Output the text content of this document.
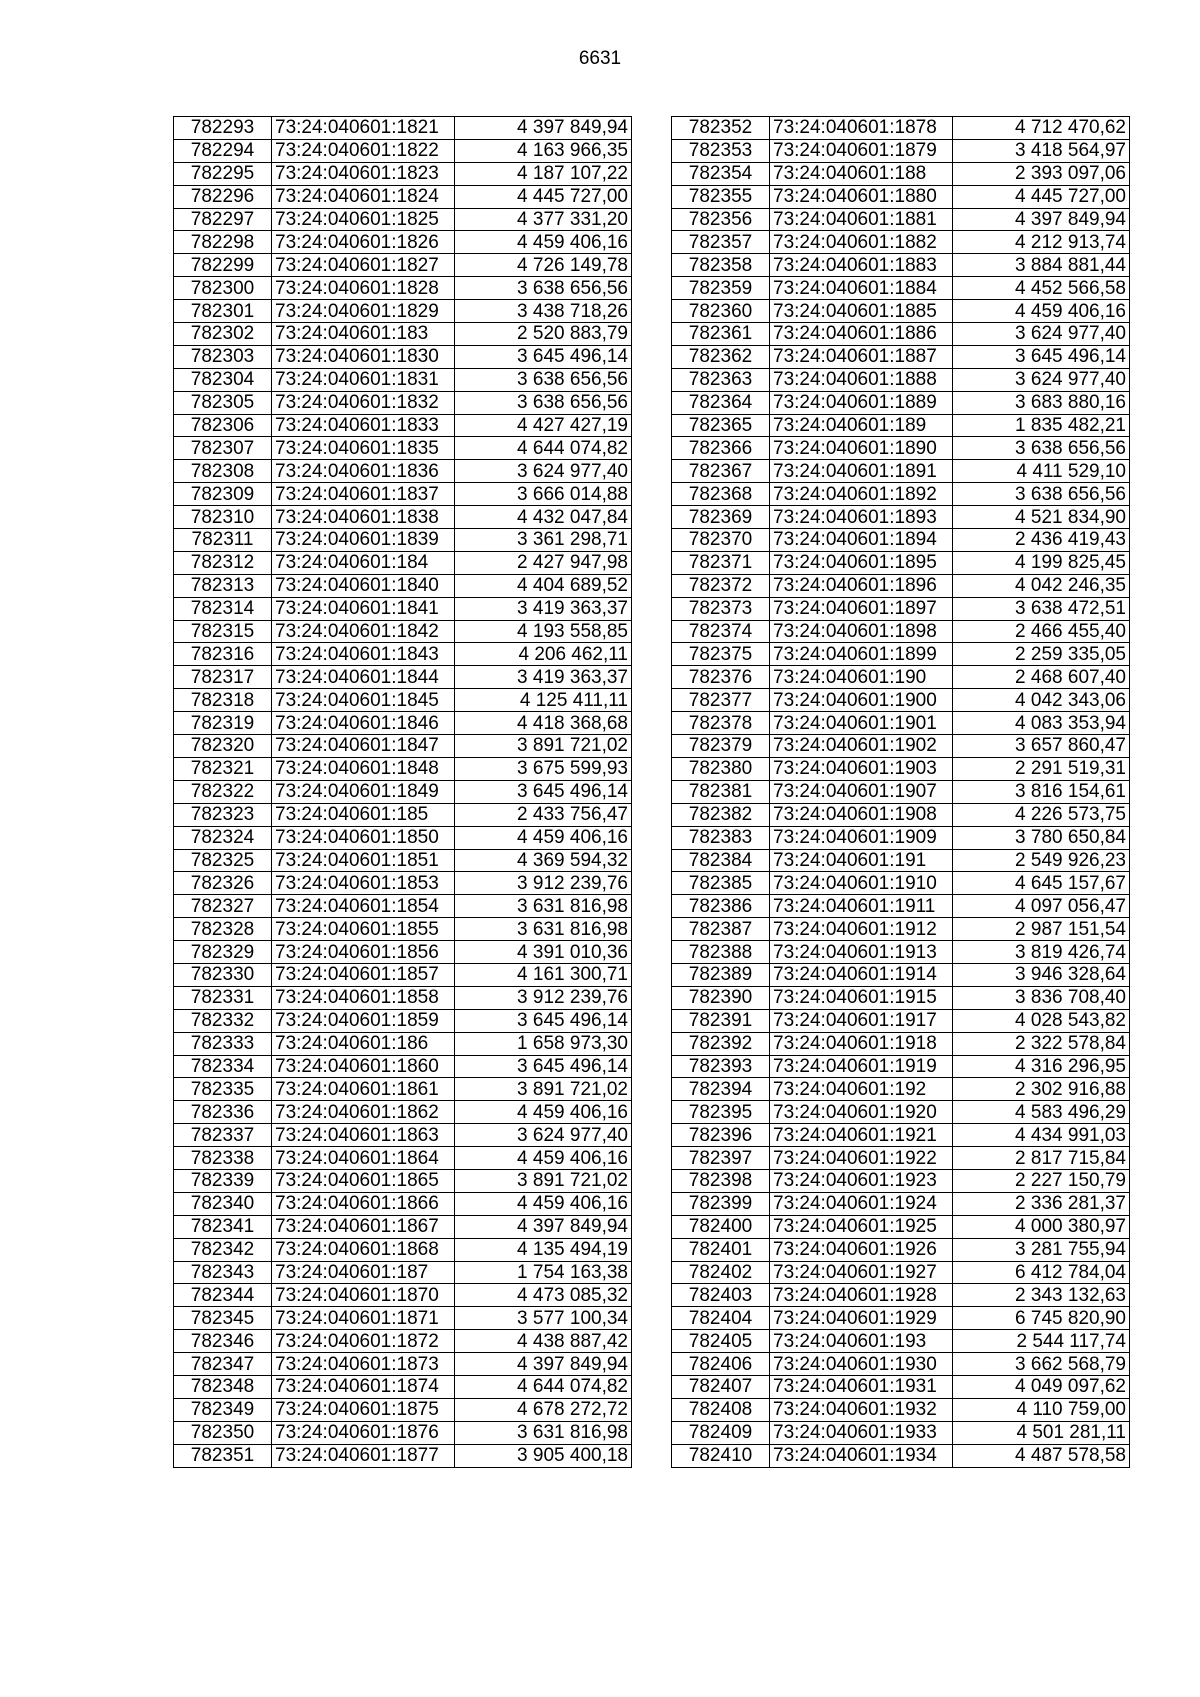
6631
782293	73:24:040601:1821	4 397 849,94
782294	73:24:040601:1822	4 163 966,35
782295	73:24:040601:1823	4 187 107,22
782296	73:24:040601:1824	4 445 727,00
782297	73:24:040601:1825	4 377 331,20
782298	73:24:040601:1826	4 459 406,16
782299	73:24:040601:1827	4 726 149,78
782300	73:24:040601:1828	3 638 656,56
782301	73:24:040601:1829	3 438 718,26
782302	73:24:040601:183	2 520 883,79
782303	73:24:040601:1830	3 645 496,14
782304	73:24:040601:1831	3 638 656,56
782305	73:24:040601:1832	3 638 656,56
782306	73:24:040601:1833	4 427 427,19
782307	73:24:040601:1835	4 644 074,82
782308	73:24:040601:1836	3 624 977,40
782309	73:24:040601:1837	3 666 014,88
782310	73:24:040601:1838	4 432 047,84
782311	73:24:040601:1839	3 361 298,71
782312	73:24:040601:184	2 427 947,98
782313	73:24:040601:1840	4 404 689,52
782314	73:24:040601:1841	3 419 363,37
782315	73:24:040601:1842	4 193 558,85
782316	73:24:040601:1843	4 206 462,11
782317	73:24:040601:1844	3 419 363,37
782318	73:24:040601:1845	4 125 411,11
782319	73:24:040601:1846	4 418 368,68
782320	73:24:040601:1847	3 891 721,02
782321	73:24:040601:1848	3 675 599,93
782322	73:24:040601:1849	3 645 496,14
782323	73:24:040601:185	2 433 756,47
782324	73:24:040601:1850	4 459 406,16
782325	73:24:040601:1851	4 369 594,32
782326	73:24:040601:1853	3 912 239,76
782327	73:24:040601:1854	3 631 816,98
782328	73:24:040601:1855	3 631 816,98
782329	73:24:040601:1856	4 391 010,36
782330	73:24:040601:1857	4 161 300,71
782331	73:24:040601:1858	3 912 239,76
782332	73:24:040601:1859	3 645 496,14
782333	73:24:040601:186	1 658 973,30
782334	73:24:040601:1860	3 645 496,14
782335	73:24:040601:1861	3 891 721,02
782336	73:24:040601:1862	4 459 406,16
782337	73:24:040601:1863	3 624 977,40
782338	73:24:040601:1864	4 459 406,16
782339	73:24:040601:1865	3 891 721,02
782340	73:24:040601:1866	4 459 406,16
782341	73:24:040601:1867	4 397 849,94
782342	73:24:040601:1868	4 135 494,19
782343	73:24:040601:187	1 754 163,38
782344	73:24:040601:1870	4 473 085,32
782345	73:24:040601:1871	3 577 100,34
782346	73:24:040601:1872	4 438 887,42
782347	73:24:040601:1873	4 397 849,94
782348	73:24:040601:1874	4 644 074,82
782349	73:24:040601:1875	4 678 272,72
782350	73:24:040601:1876	3 631 816,98
782351	73:24:040601:1877	3 905 400,18
782352	73:24:040601:1878	4 712 470,62
782353	73:24:040601:1879	3 418 564,97
782354	73:24:040601:188	2 393 097,06
782355	73:24:040601:1880	4 445 727,00
782356	73:24:040601:1881	4 397 849,94
782357	73:24:040601:1882	4 212 913,74
782358	73:24:040601:1883	3 884 881,44
782359	73:24:040601:1884	4 452 566,58
782360	73:24:040601:1885	4 459 406,16
782361	73:24:040601:1886	3 624 977,40
782362	73:24:040601:1887	3 645 496,14
782363	73:24:040601:1888	3 624 977,40
782364	73:24:040601:1889	3 683 880,16
782365	73:24:040601:189	1 835 482,21
782366	73:24:040601:1890	3 638 656,56
782367	73:24:040601:1891	4 411 529,10
782368	73:24:040601:1892	3 638 656,56
782369	73:24:040601:1893	4 521 834,90
782370	73:24:040601:1894	2 436 419,43
782371	73:24:040601:1895	4 199 825,45
782372	73:24:040601:1896	4 042 246,35
782373	73:24:040601:1897	3 638 472,51
782374	73:24:040601:1898	2 466 455,40
782375	73:24:040601:1899	2 259 335,05
782376	73:24:040601:190	2 468 607,40
782377	73:24:040601:1900	4 042 343,06
782378	73:24:040601:1901	4 083 353,94
782379	73:24:040601:1902	3 657 860,47
782380	73:24:040601:1903	2 291 519,31
782381	73:24:040601:1907	3 816 154,61
782382	73:24:040601:1908	4 226 573,75
782383	73:24:040601:1909	3 780 650,84
782384	73:24:040601:191	2 549 926,23
782385	73:24:040601:1910	4 645 157,67
782386	73:24:040601:1911	4 097 056,47
782387	73:24:040601:1912	2 987 151,54
782388	73:24:040601:1913	3 819 426,74
782389	73:24:040601:1914	3 946 328,64
782390	73:24:040601:1915	3 836 708,40
782391	73:24:040601:1917	4 028 543,82
782392	73:24:040601:1918	2 322 578,84
782393	73:24:040601:1919	4 316 296,95
782394	73:24:040601:192	2 302 916,88
782395	73:24:040601:1920	4 583 496,29
782396	73:24:040601:1921	4 434 991,03
782397	73:24:040601:1922	2 817 715,84
782398	73:24:040601:1923	2 227 150,79
782399	73:24:040601:1924	2 336 281,37
782400	73:24:040601:1925	4 000 380,97
782401	73:24:040601:1926	3 281 755,94
782402	73:24:040601:1927	6 412 784,04
782403	73:24:040601:1928	2 343 132,63
782404	73:24:040601:1929	6 745 820,90
782405	73:24:040601:193	2 544 117,74
782406	73:24:040601:1930	3 662 568,79
782407	73:24:040601:1931	4 049 097,62
782408	73:24:040601:1932	4 110 759,00
782409	73:24:040601:1933	4 501 281,11
782410	73:24:040601:1934	4 487 578,58
